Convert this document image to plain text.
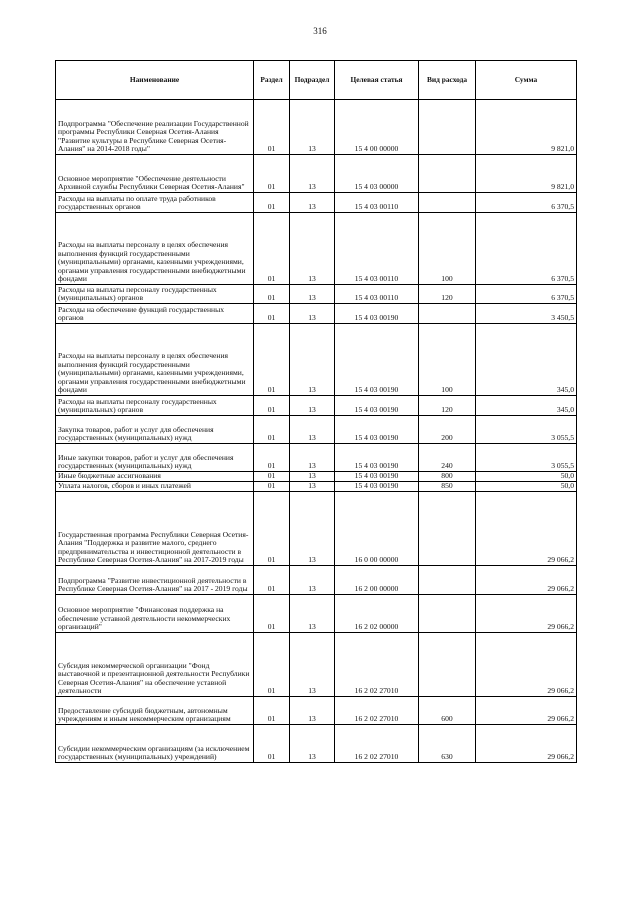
316
Наименование	Раздел	Подраздел	Целевая статья	Вид расхода	Сумма
Подпрограмма "Обеспечение реализации Государственной программы Республики Северная Осетия-Алания "Развитие культуры в Республике Северная Осетия-Алания" на 2014-2018 годы"	01	13	15 4 00 00000		9 821,0
Основное мероприятие "Обеспечение деятельности Архивной службы Республики Северная Осетия-Алания"	01	13	15 4 03 00000		9 821,0
Расходы на выплаты по оплате труда работников государственных органов	01	13	15 4 03 00110		6 370,5
Расходы на выплаты персоналу в целях обеспечения выполнения функций государственными (муниципальными) органами, казенными учреждениями, органами управления государственными внебюджетными фондами	01	13	15 4 03 00110	100	6 370,5
Расходы на выплаты персоналу государственных (муниципальных) органов	01	13	15 4 03 00110	120	6 370,5
Расходы на обеспечение функций государственных органов	01	13	15 4 03 00190		3 450,5
Расходы на выплаты персоналу в целях обеспечения выполнения функций государственными (муниципальными) органами, казенными учреждениями, органами управления государственными внебюджетными фондами	01	13	15 4 03 00190	100	345,0
Расходы на выплаты персоналу государственных (муниципальных) органов	01	13	15 4 03 00190	120	345,0
Закупка товаров, работ и услуг для обеспечения государственных (муниципальных) нужд	01	13	15 4 03 00190	200	3 055,5
Иные закупки товаров, работ и услуг для обеспечения государственных (муниципальных) нужд	01	13	15 4 03 00190	240	3 055,5
Иные бюджетные ассигнования	01	13	15 4 03 00190	800	50,0
Уплата налогов, сборов и иных платежей	01	13	15 4 03 00190	850	50,0
Государственная программа Республики Северная Осетия-Алания "Поддержка и развитие малого, среднего предпринимательства и инвестиционной деятельности в Республике Северная Осетия-Алания" на 2017-2019 годы	01	13	16 0 00 00000		29 066,2
Подпрограмма "Развитие инвестиционной деятельности в Республике Северная Осетия-Алания" на 2017 - 2019 годы	01	13	16 2 00 00000		29 066,2
Основное мероприятие "Финансовая поддержка на обеспечение уставной деятельности некоммерческих организаций"	01	13	16 2 02 00000		29 066,2
Субсидия некоммерческой организации "Фонд выставочной и презентационной деятельности Республики Северная Осетия-Алания" на обеспечение уставной деятельности	01	13	16 2 02 27010		29 066,2
Предоставление субсидий бюджетным, автономным учреждениям и иным некоммерческим организациям	01	13	16 2 02 27010	600	29 066,2
Субсидии некоммерческим организациям (за исключением государственных (муниципальных) учреждений)	01	13	16 2 02 27010	630	29 066,2
